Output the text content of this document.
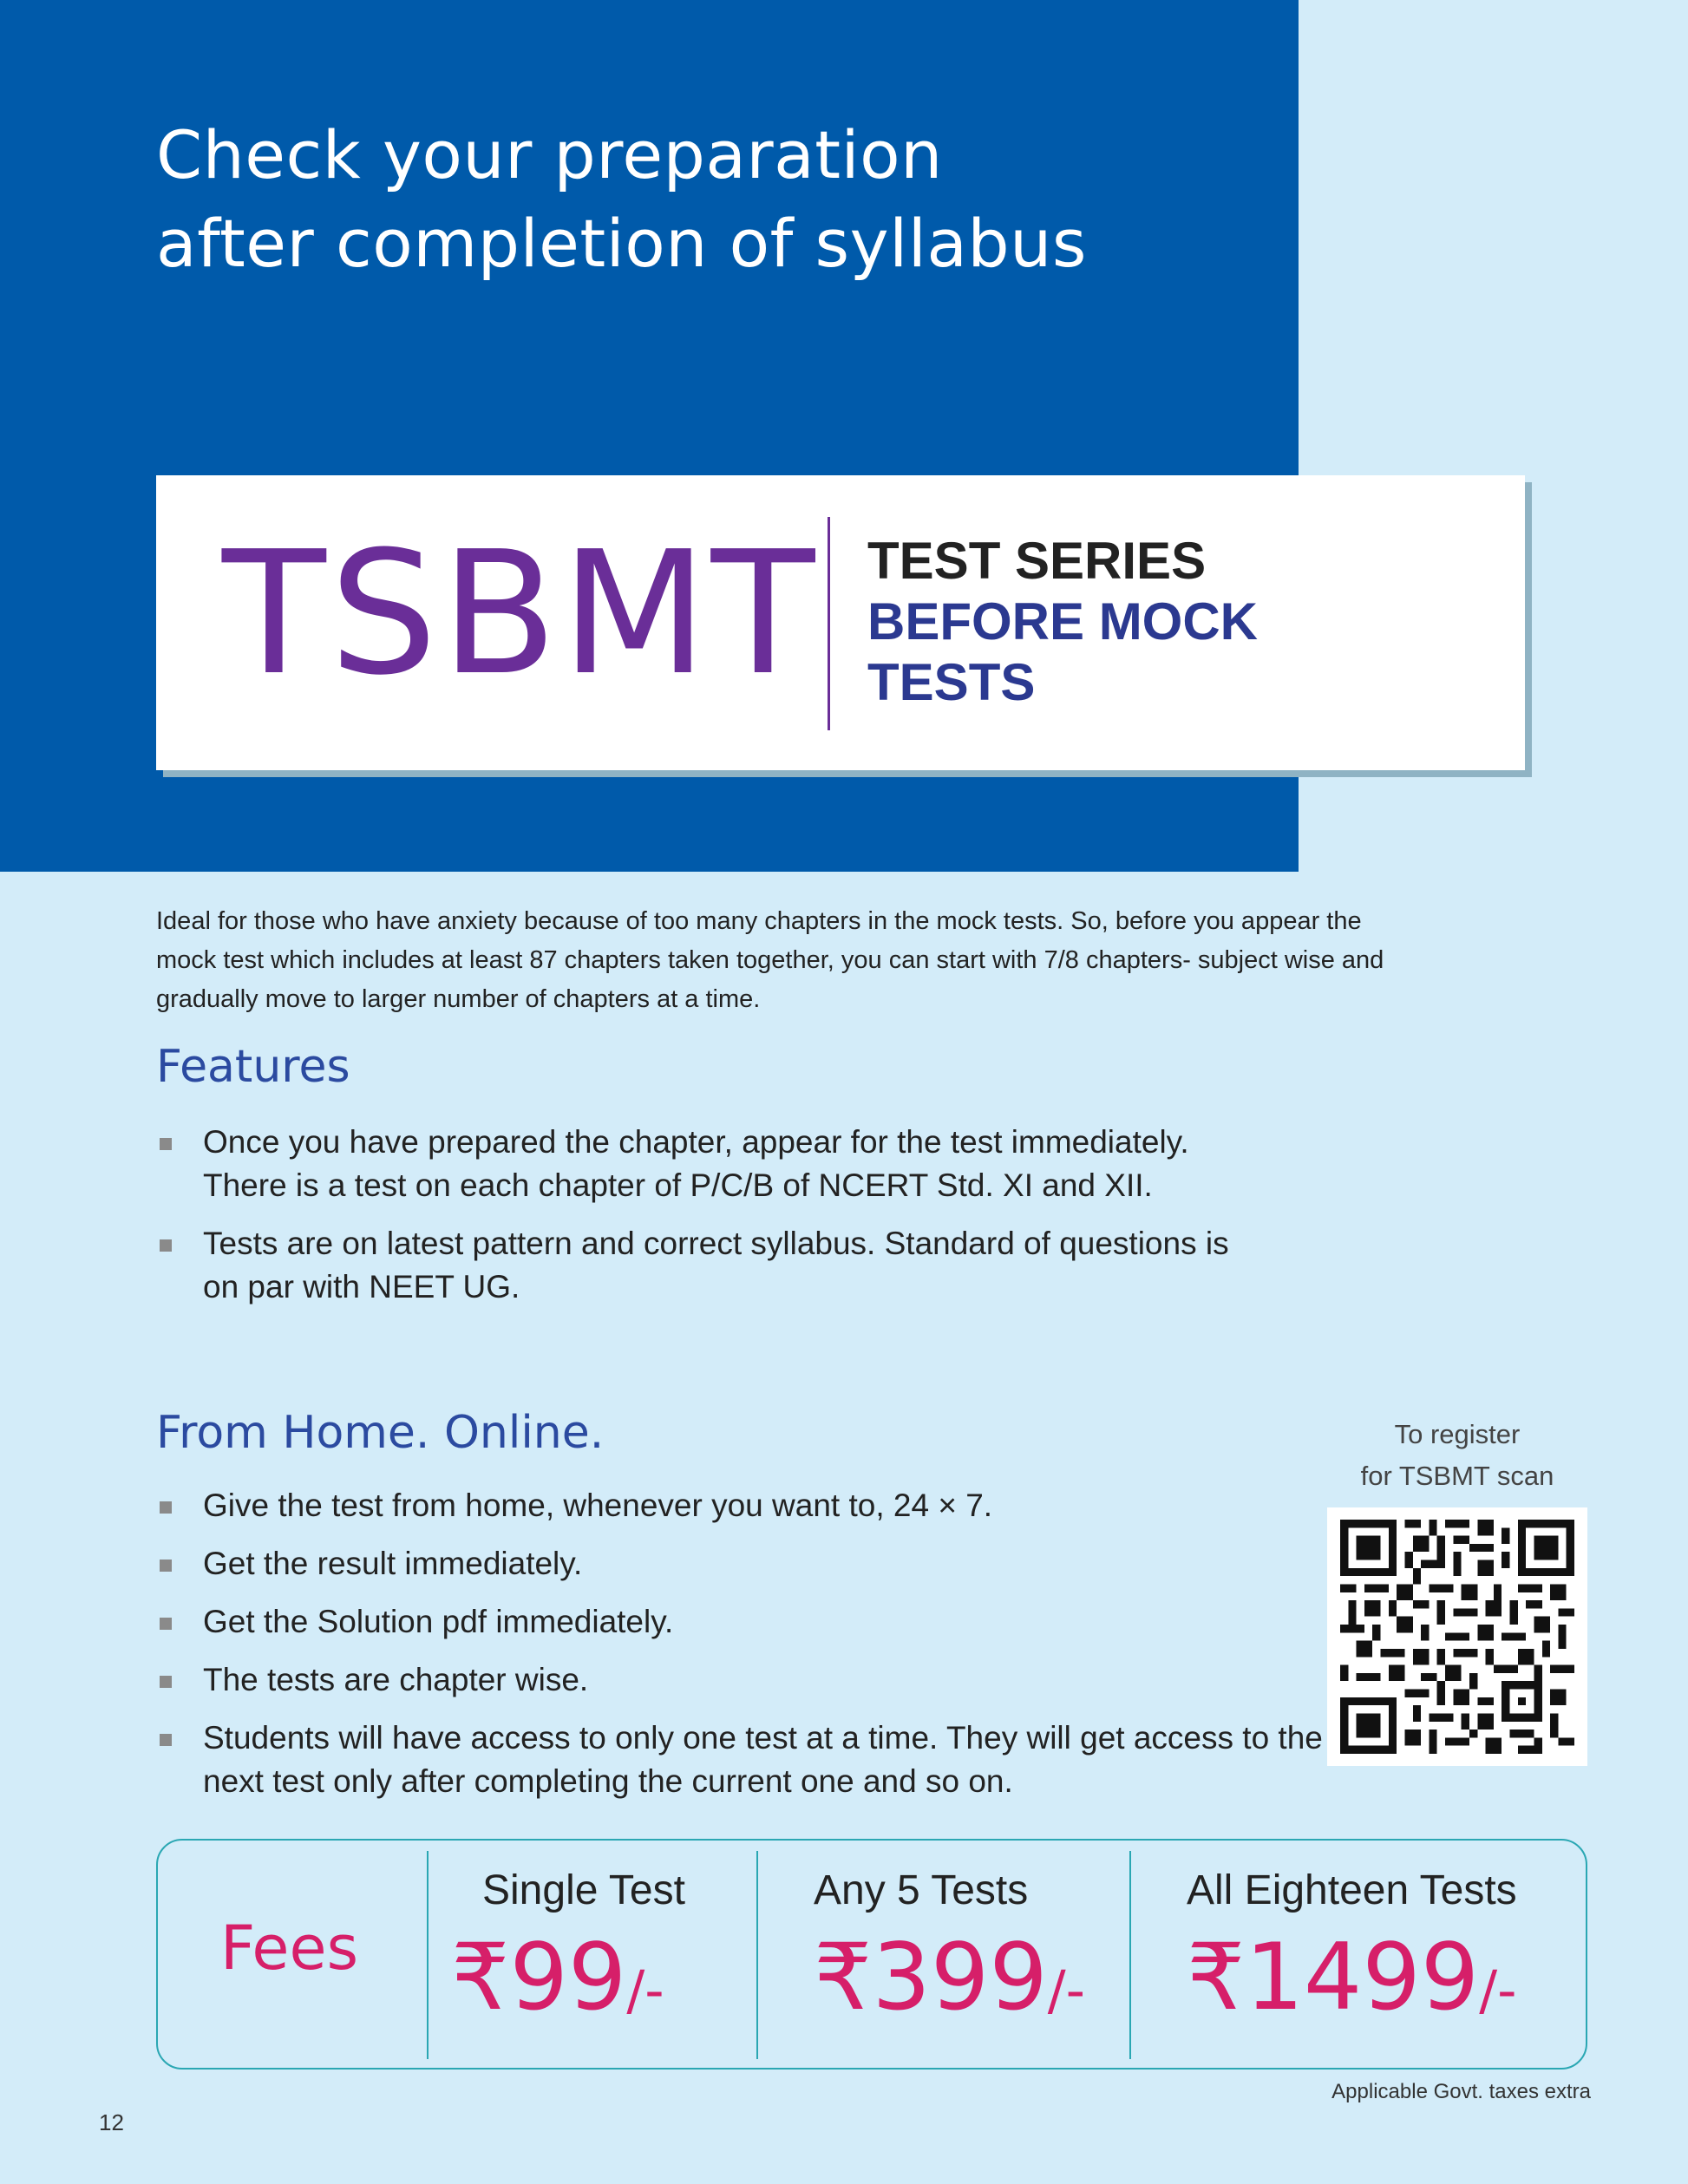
Check your preparation
after completion of syllabus
TSBMT TEST SERIES
BEFORE MOCK
TESTS

Ideal for those who have anxiety because of too many chapters in the mock tests. So, before you appear the mock test which includes at least 87 chapters taken together, you can start with 7/8 chapters- subject wise and gradually move to larger number of chapters at a time.

Features
Once you have prepared the chapter, appear for the test immediately. There is a test on each chapter of P/C/B of NCERT Std. XI and XII.
Tests are on latest pattern and correct syllabus. Standard of questions is on par with NEET UG.
From Home. Online.
Give the test from home, whenever you want to, 24 × 7.
Get the result immediately.
Get the Solution pdf immediately.
The tests are chapter wise.
Students will have access to only one test at a time. They will get access to the next test only after completing the current one and so on.

To register
for TSBMT scan

Fees
Single Test
₹99/-
Any 5 Tests
₹399/-
All Eighteen Tests
₹1499/-

Applicable Govt. taxes extra

12
